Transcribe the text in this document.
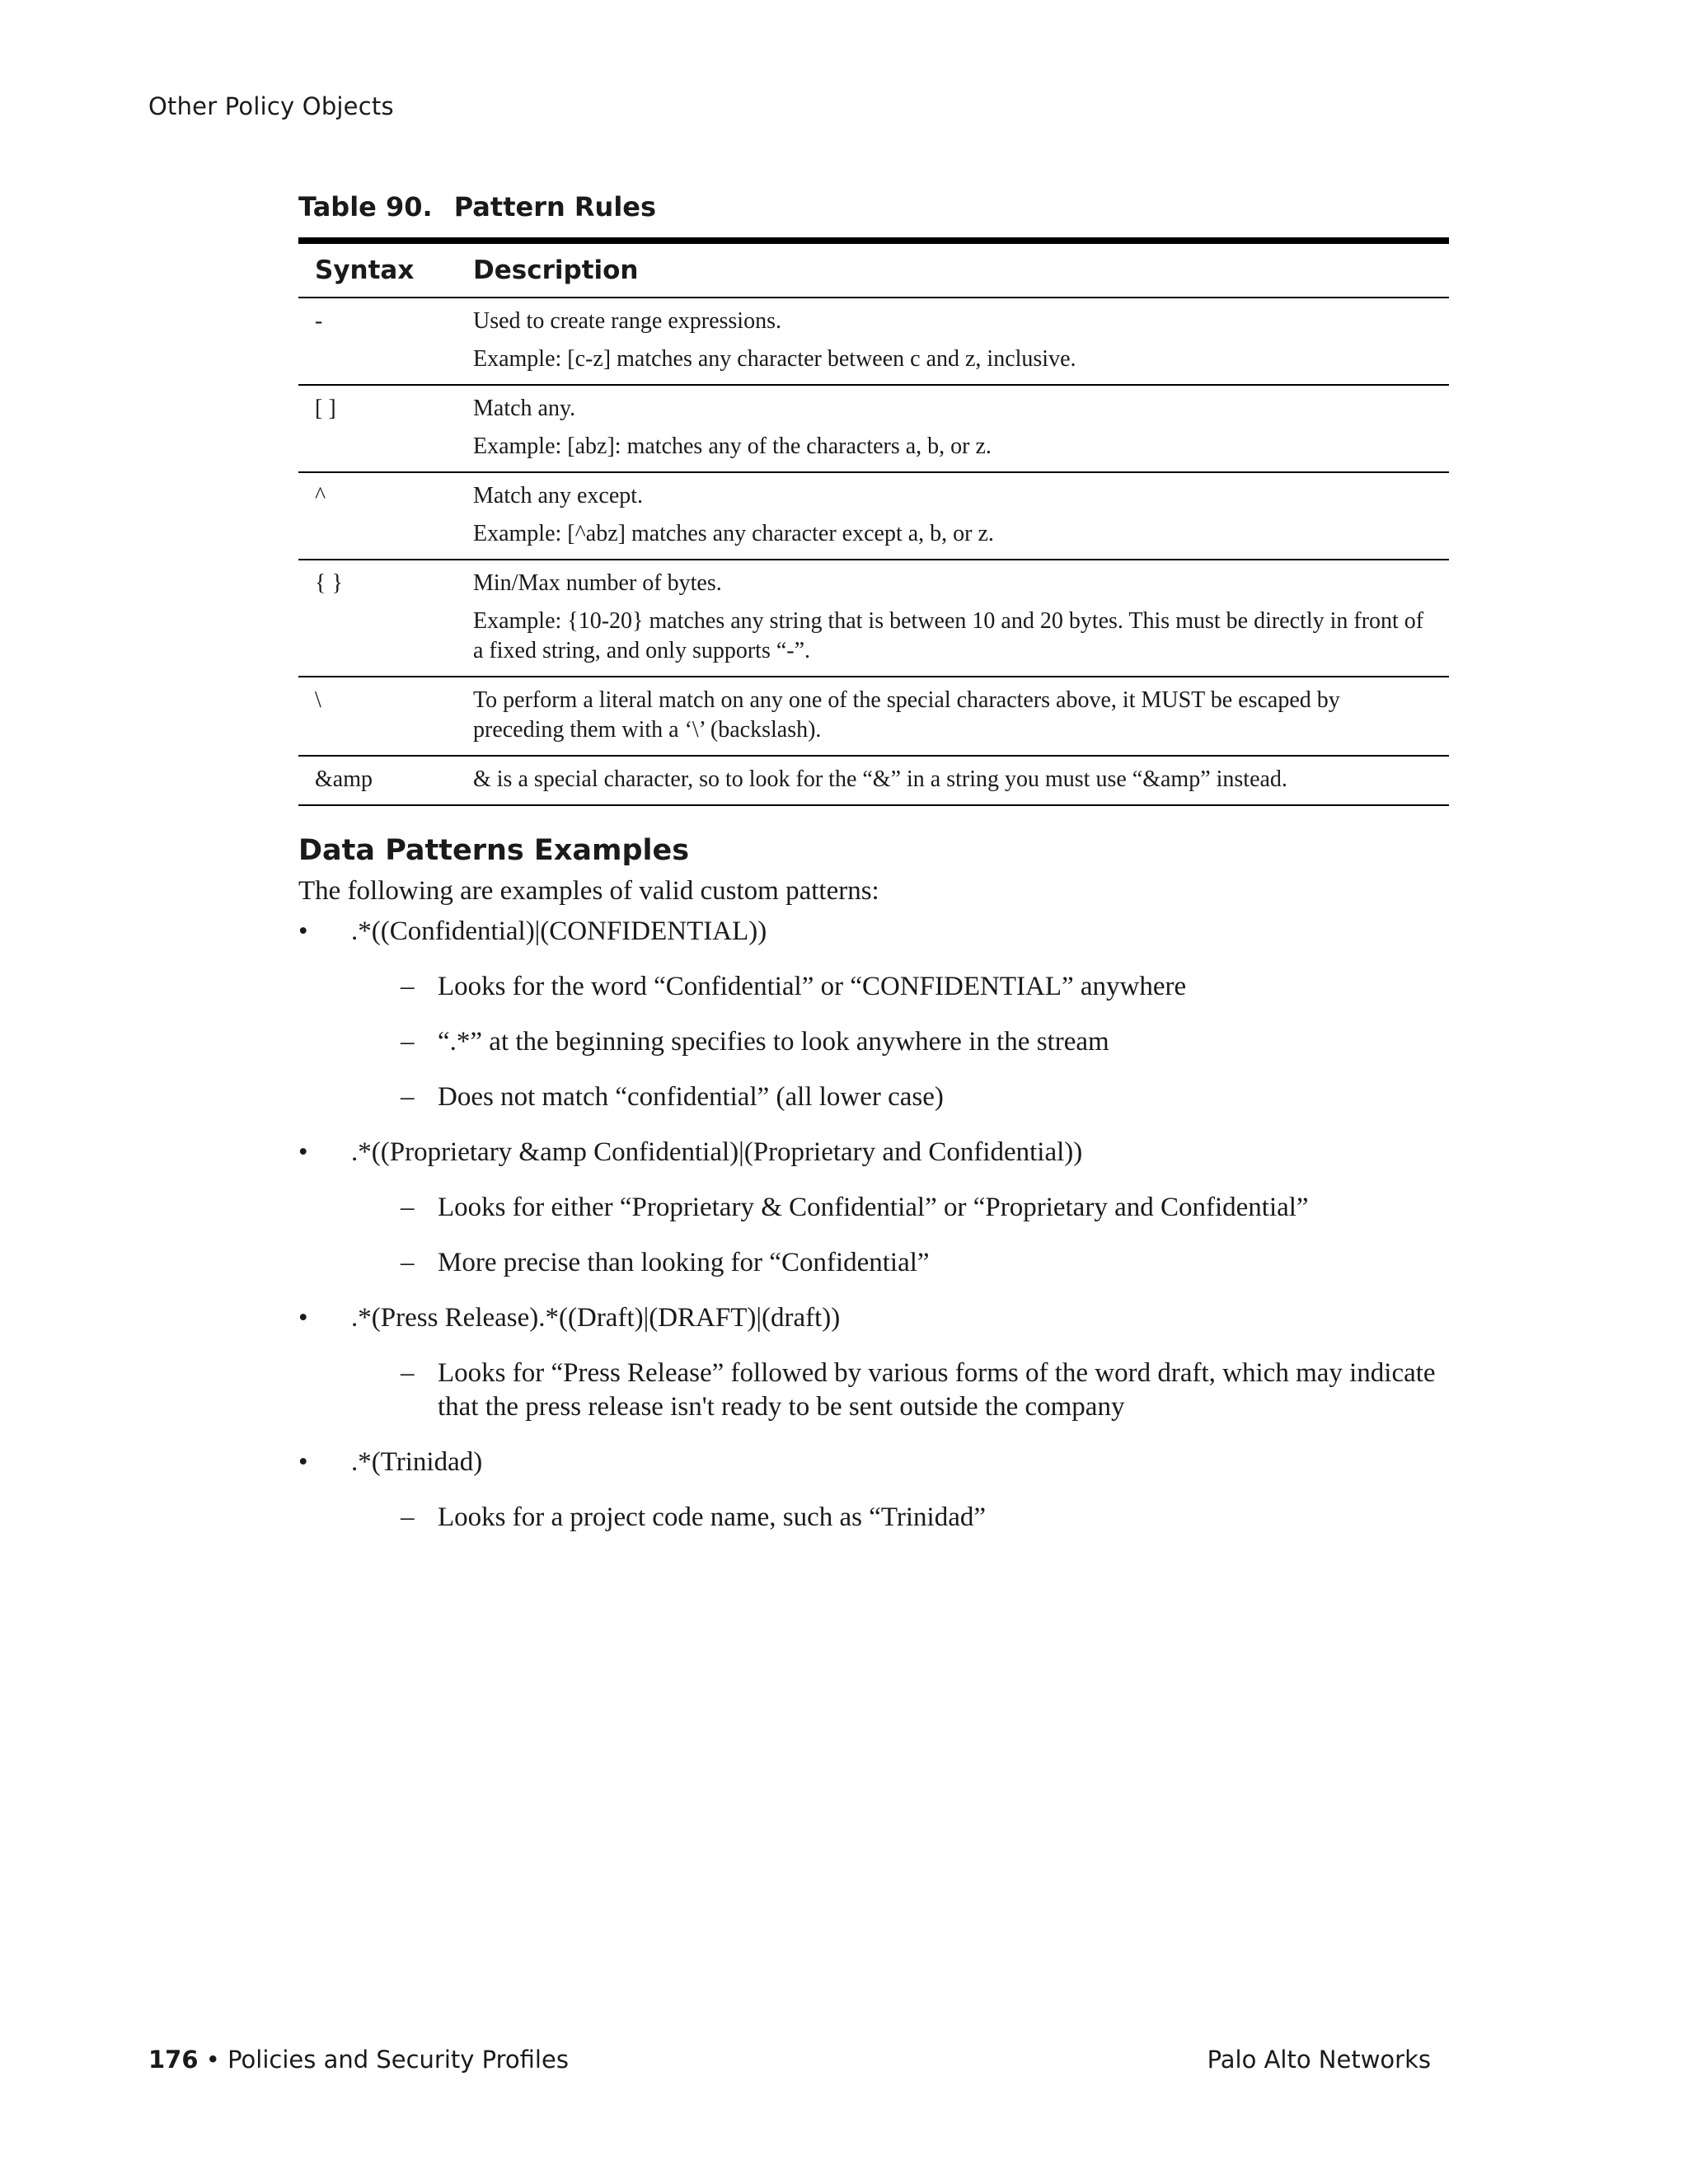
Other Policy Objects
Table 90. Pattern Rules
Syntax	Description
-	Used to create range expressions.

Example: [c-z] matches any character between c and z, inclusive.

[ ]	Match any.

Example: [abz]: matches any of the characters a, b, or z.

^	Match any except.

Example: [^abz] matches any character except a, b, or z.

{ }	Min/Max number of bytes.

Example: {10-20} matches any string that is between 10 and 20 bytes. This must be directly in front of a fixed string, and only supports “-”.

\	To perform a literal match on any one of the special characters above, it MUST be escaped by preceding them with a ‘\’ (backslash).

&amp	& is a special character, so to look for the “&” in a string you must use “&amp” instead.

Data Patterns Examples

The following are examples of valid custom patterns:

• .*((Confidential)|(CONFIDENTIAL))
– Looks for the word “Confidential” or “CONFIDENTIAL” anywhere
– “.*” at the beginning specifies to look anywhere in the stream
– Does not match “confidential” (all lower case)
• .*((Proprietary &amp Confidential)|(Proprietary and Confidential))
– Looks for either “Proprietary & Confidential” or “Proprietary and Confidential”
– More precise than looking for “Confidential”
• .*(Press Release).*((Draft)|(DRAFT)|(draft))
– Looks for “Press Release” followed by various forms of the word draft, which may indicate that the press release isn't ready to be sent outside the company
• .*(Trinidad)
– Looks for a project code name, such as “Trinidad”
176 • Policies and Security Profiles	Palo Alto Networks
